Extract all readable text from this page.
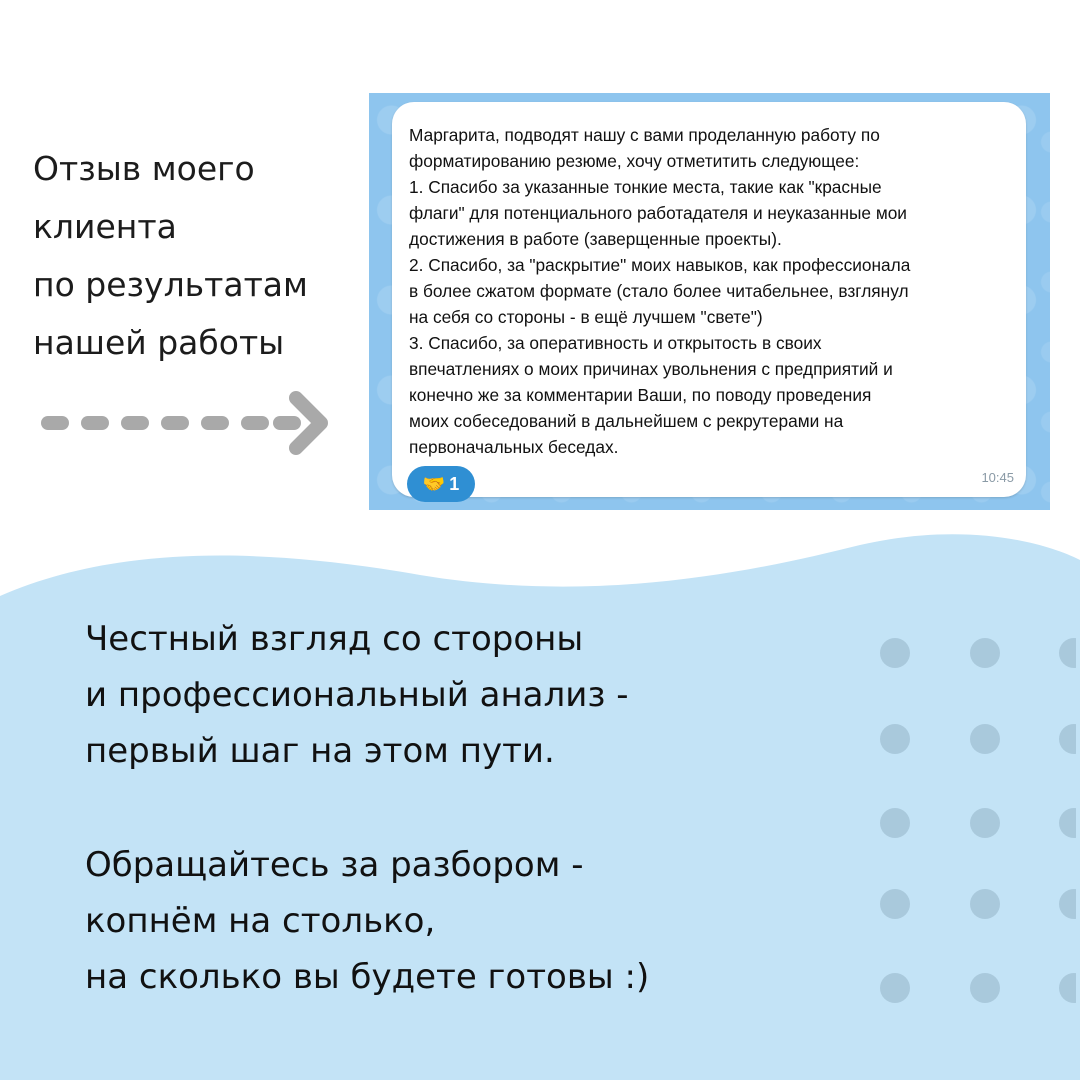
Отзыв моего
клиента
по результатам
нашей работы
Маргарита, подводят нашу с вами проделанную работу по
форматированию резюме, хочу отметитить следующее:
1. Спасибо за указанные тонкие места, такие как "красные
флаги" для потенциального работадателя и неуказанные мои
достижения в работе (заверщенные проекты).
2. Спасибо, за "раскрытие" моих навыков, как профессионала
в более сжатом формате (стало более читабельнее, взглянул
на себя со стороны - в ещё лучшем "свете")
3. Спасибо, за оперативность и открытость в своих
впечатлениях о моих причинах увольнения с предприятий и
конечно же за комментарии Ваши, по поводу проведения
моих собеседований в дальнейшем с рекрутерами на
первоначальных беседах.
🤝 1	10:45

Честный взгляд со стороны
и профессиональный анализ -
первый шаг на этом пути.

Обращайтесь за разбором -
копнём на столько,
на сколько вы будете готовы :)
